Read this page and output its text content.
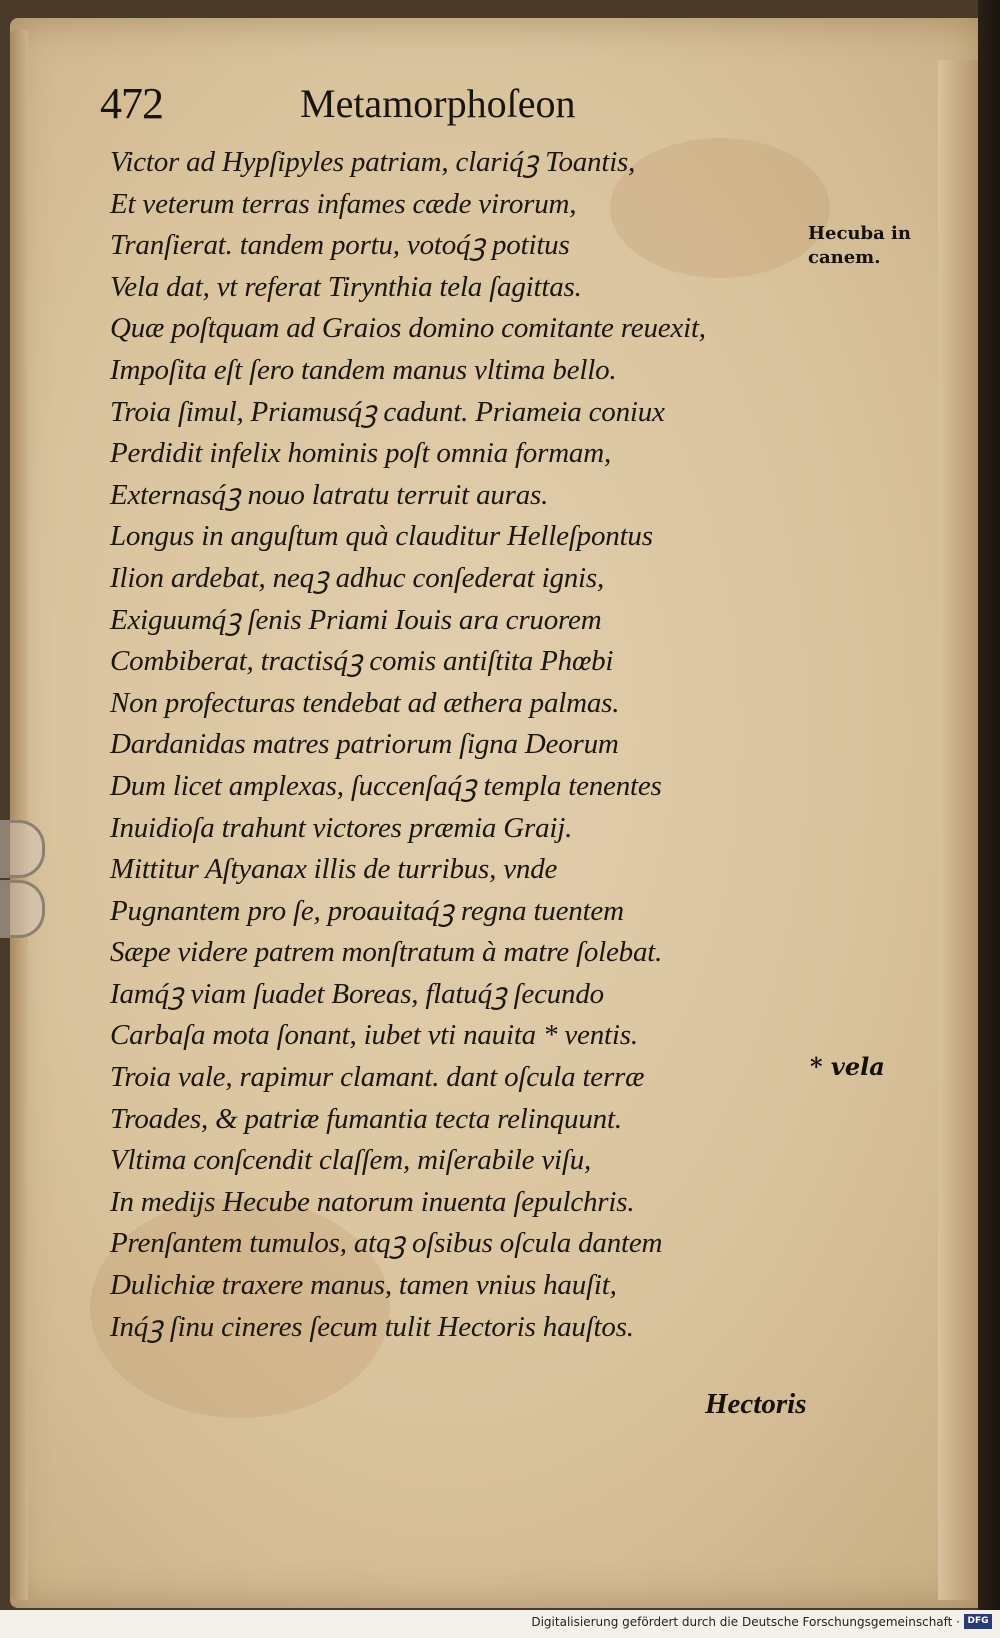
472	Metamorphoſeon
Victor ad Hypſipyles patriam, clariq́ꝫ Toantis,
Et veterum terras infames cæde virorum,
Tranſierat. tandem portu, votoq́ꝫ potitus
Vela dat, vt referat Tirynthia tela ſagittas.
Quæ poſtquam ad Graios domino comitante reuexit,
Impoſita eſt ſero tandem manus vltima bello.
Troia ſimul, Priamusq́ꝫ cadunt. Priameia coniux
Perdidit infelix hominis poſt omnia formam,
Externasq́ꝫ nouo latratu terruit auras.
Longus in anguſtum quà clauditur Helleſpontus
Ilion ardebat, neqꝫ adhuc conſederat ignis,
Exiguumq́ꝫ ſenis Priami Iouis ara cruorem
Combiberat, tractisq́ꝫ comis antiſtita Phœbi
Non profecturas tendebat ad æthera palmas.
Dardanidas matres patriorum ſigna Deorum
Dum licet amplexas, ſuccenſaq́ꝫ templa tenentes
Inuidioſa trahunt victores præmia Graij.
Mittitur Aſtyanax illis de turribus, vnde
Pugnantem pro ſe, proauitaq́ꝫ regna tuentem
Sæpe videre patrem monſtratum à matre ſolebat.
Iamq́ꝫ viam ſuadet Boreas, flatuq́ꝫ ſecundo
Carbaſa mota ſonant, iubet vti nauita * ventis.
Troia vale, rapimur clamant. dant oſcula terræ
Troades, & patriæ fumantia tecta relinquunt.
Vltima conſcendit claſſem, miſerabile viſu,
In medijs Hecube natorum inuenta ſepulchris.
Prenſantem tumulos, atqꝫ oſsibus oſcula dantem
Dulichiæ traxere manus, tamen vnius hauſit,
Inq́ꝫ ſinu cineres ſecum tulit Hectoris hauſtos.
Hecuba in
canem.
* vela
Hectoris
Digitalisierung gefördert durch die Deutsche Forschungsgemeinschaft · DFG
